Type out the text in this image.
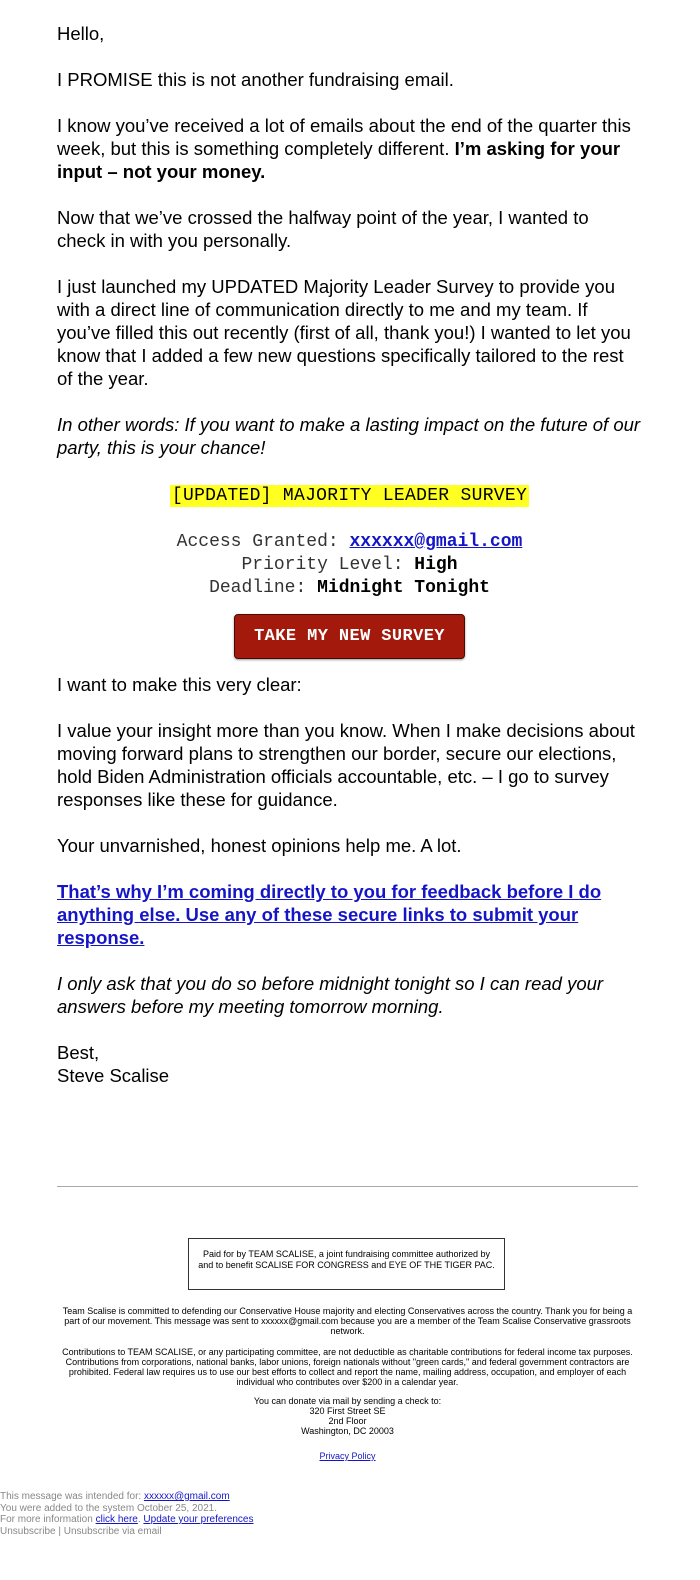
Hello,

I PROMISE this is not another fundraising email.

I know you’ve received a lot of emails about the end of the quarter this week, but this is something completely different. I’m asking for your input – not your money.

Now that we’ve crossed the halfway point of the year, I wanted to check in with you personally.

I just launched my UPDATED Majority Leader Survey to provide you with a direct line of communication directly to me and my team. If you’ve filled this out recently (first of all, thank you!) I wanted to let you know that I added a few new questions specifically tailored to the rest of the year.

In other words: If you want to make a lasting impact on the future of our party, this is your chance!

[UPDATED] MAJORITY LEADER SURVEY
Access Granted: xxxxxx@gmail.com
Priority Level: High
Deadline: Midnight Tonight
TAKE MY NEW SURVEY

I want to make this very clear:

I value your insight more than you know. When I make decisions about moving forward plans to strengthen our border, secure our elections, hold Biden Administration officials accountable, etc. – I go to survey responses like these for guidance.

Your unvarnished, honest opinions help me. A lot.

That’s why I’m coming directly to you for feedback before I do anything else. Use any of these secure links to submit your response.

I only ask that you do so before midnight tonight so I can read your answers before my meeting tomorrow morning.

Best,

Steve Scalise

Paid for by TEAM SCALISE, a joint fundraising committee authorized by and to benefit SCALISE FOR CONGRESS and EYE OF THE TIGER PAC.

Team Scalise is committed to defending our Conservative House majority and electing Conservatives across the country. Thank you for being a part of our movement. This message was sent to xxxxxx@gmail.com because you are a member of the Team Scalise Conservative grassroots network.

Contributions to TEAM SCALISE, or any participating committee, are not deductible as charitable contributions for federal income tax purposes. Contributions from corporations, national banks, labor unions, foreign nationals without "green cards," and federal government contractors are prohibited. Federal law requires us to use our best efforts to collect and report the name, mailing address, occupation, and employer of each individual who contributes over $200 in a calendar year.

You can donate via mail by sending a check to:

320 First Street SE

2nd Floor

Washington, DC 20003

Privacy Policy
This message was intended for: xxxxxx@gmail.com
You were added to the system October 25, 2021.
For more information click here. Update your preferences
Unsubscribe | Unsubscribe via email
